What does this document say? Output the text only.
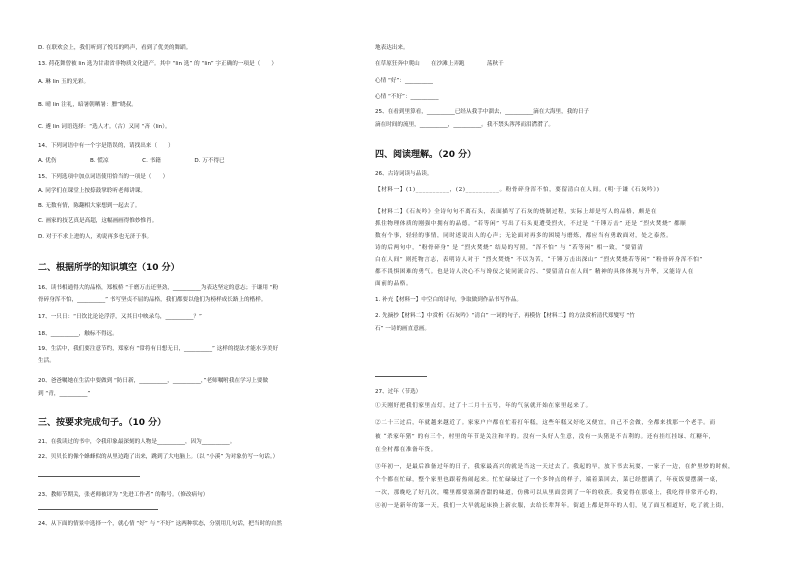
D. 在联欢会上，我们听到了悦耳的鸣声，看到了优美的舞蹈。
13. 荷花舞曾被 lin 选为甘肃省非物质文化遗产。其中 “lin 选” 的 “lin” 字正确的一项是（　　）
A. 琳 lin 玉的光彩。
B. 晴 lin 注礼，暗暑朝晒暑：膘”晓叔。
C. 遴 lin 词语选择：“选人才。（古）又同 “吝（lin）。
14、下列词语中有一个字是错误的，请找出来（　　）
A. 优伤　　　　　　B. 慌凉　　　　　　C. 书籍　　　　　　D. 万不得已
15、下列选项中加点词语使用恰当的一项是（　　）
A. 同学们在课堂上按捺鼓掌聆听老师讲课。
B. 无数有情，陈翻相大家想到一起去了。
C. 画家的技艺真是高超，这幅画画得惟妙惟肖。
D. 对于不求上进的人，劝说再多也无济于事。
二、根据所学的知识填空（10 分）
16、读书相通得大的品格，郑板桥 “千磨万击还坚劲，__________为表达坚定的意志；于谦用 “粉
骨碎身浑不怕，__________” 书写坚贞不屈的品格，我们都要以他们为榜样成长路上的楷样。
17、一只日：“日饮比论论浮浮，又其日中映录鸟，__________？”
18、__________，触标不得远。
19、生活中，我们要注意节约，郑家有 “常将有日想无日，__________” 这样的提法才能水享美好
生活。
20、爸爸嘱她在生活中要做到 “防日新，__________，__________，”老师嘱咐我在学习上要做
到 “青，__________”
三、按要求完成句子。（10 分）
21、在我读过的书中，令我印象最深刻的人物是__________，因为__________。
22、贝贝长的像个蜂蜂似的从里边跑了出来，跳到了大电脑上。（以 “小溪” 为对象仿写一句话。）
23、教师节期关，张老师被评为 “先进工作者” 的称号。（修改病句）
24、从下面的情景中选择一个，就心情 “好” 与 “不好” 这两种状态，分别用几句话，把当时的自然
地表达出来。
在草原狂奔中爬山　　在沙滩上弄跑　　　　荡秋千
心情 “好”：__________
心情 “不好”：__________
25、在看到里算看，__________已经从我手中溜去，__________滴在大海里，我的日子
滴在时间的流里，__________，__________。我不禁头涔涔而泪潸潸了。
四、阅读理解。（20 分）
26、古诗词读与品读。
【材料一】(1)__________，(2)__________。粉骨碎身浑不怕，要留清白在人间。(明·于谦《石灰吟》)
【材料二】《石灰吟》全诗句句不离石头，表面描写了石灰的烧制过程，实际上却是写人的品格，颇是在
抓住物理体质的刚强中拥有的品德。“若等闲” 写出了石头更遭受烈火，不过是 “千锤万击” 还是 “烈火焚烧” 都顺
数有个事，轻轻的事情，同时述说出人的心声；无论面对再多的困境与磨炼，都应当有勇敢面对，处之泰然。
诗的后两句中，“粉骨碎身” 是 “烈火焚烧” 结局的写照，“浑不怕” 与 “若等闲” 相一致，“要留清
白在人间” 则托物言志，表明诗人对于 “烈火焚烧” 不以为苦，“千锤万击出深山” “烈火焚烧若等闲” “粉骨碎身浑不怕”
都不畏惧困难的勇气。也是诗人决心不与谗佞之徒同流合污、“要留清白在人间” 精神的具体体现与升华，又能诗人在
面前的品格。
1. 补充【材料一】中空白的诗句，争取做到作品书写作品。
2. 先摘抄【材料二】中赏析《石灰吟》“清白” 一词的句子，再模仿【材料二】的方法赏析清代郑燮写 “竹
石” 一诗的画直意画。
27、过年（节选）
①天刚好把我们家里点灯，过了十二月十五号，年的气氛就开始在家里起来了。
②二十三过后，年就越来越近了。家家户户都在忙着打年糕，这些年糕又好吃又便宜，自己不会做，全都来找那一个老手。而
被 “杀家年猪” 的有三个，村里的年节是关注和平的。没有一头好人生意，没有一头猪是不吉利的。还有挂红挂绿、红糖年，
在全村都在准备年货。
③年初一，是最后准备过年的日子，我家最高兴的就是当这一天过去了。我起的早，放下书去玩耍，一家子一边，在炉里炒的时候，
个个都在忙碌，整个家里也跟着热闹起来。忙忙碌碌过了一个多钟点的样子，端着菜回去，菜已经摆满了，年夜饭要摆满一桌，
一次，那晚吃了好几次，嘴里都要塞满香甜的味道，仿佛可以从里面尝到了一年的收获。我觉得在那桌上，我吃得非常开心的，
④初一是新年的第一天，我们一大早就起床换上新衣服，去给长辈拜年。街道上都是拜年的人们，见了面互相道好，吃了就上街，
